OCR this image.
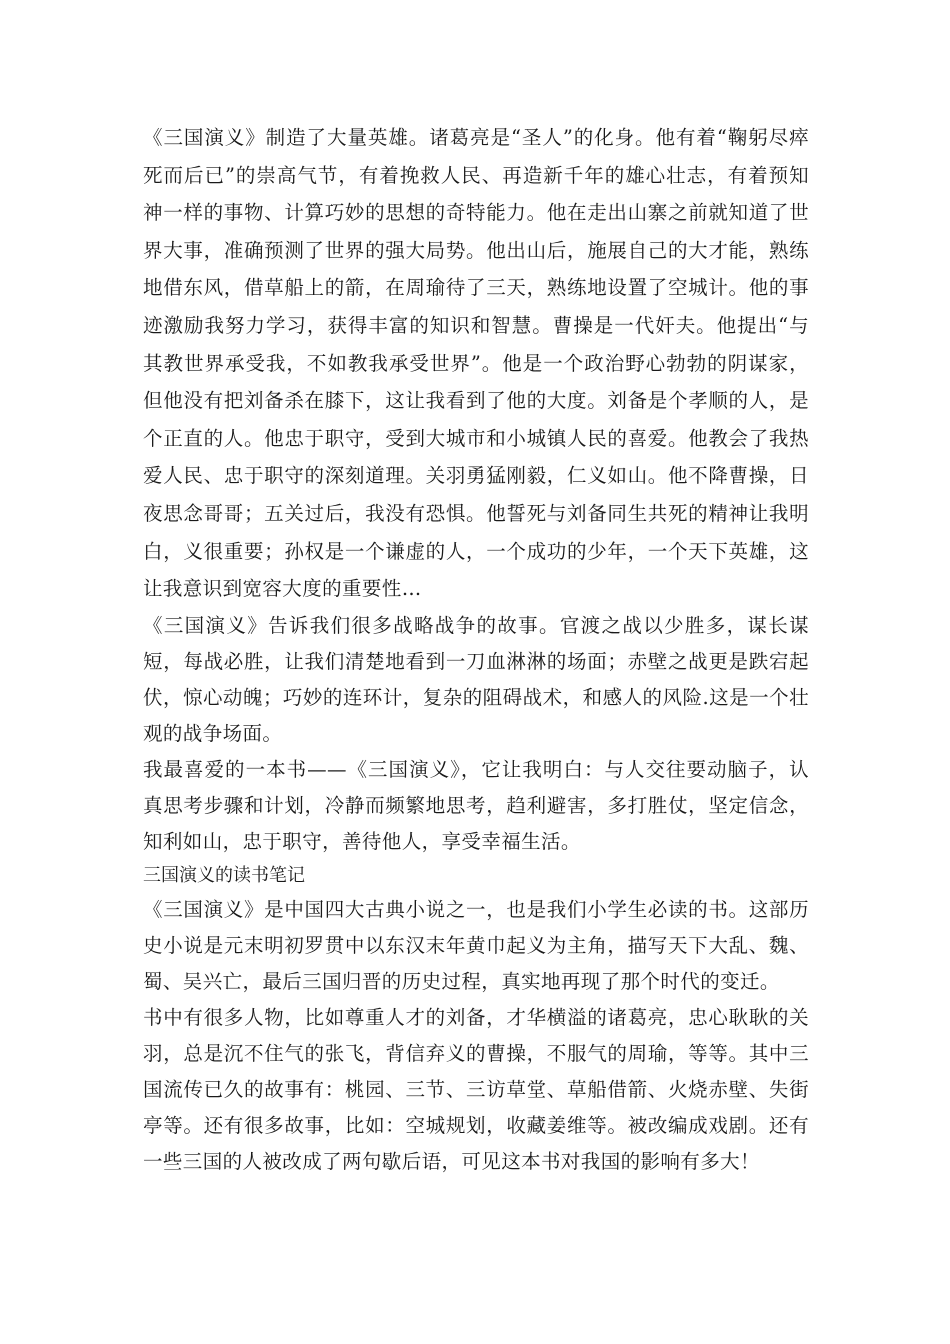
《三国演义》制造了大量英雄。诸葛亮是“圣人”的化身。他有着“鞠躬尽瘁死而后已”的崇高气节，有着挽救人民、再造新千年的雄心壮志，有着预知神一样的事物、计算巧妙的思想的奇特能力。他在走出山寨之前就知道了世界大事，准确预测了世界的强大局势。他出山后，施展自己的大才能，熟练地借东风，借草船上的箭，在周瑜待了三天，熟练地设置了空城计。他的事迹激励我努力学习，获得丰富的知识和智慧。曹操是一代奸夫。他提出“与其教世界承受我，不如教我承受世界”。他是一个政治野心勃勃的阴谋家，但他没有把刘备杀在膝下，这让我看到了他的大度。刘备是个孝顺的人，是个正直的人。他忠于职守，受到大城市和小城镇人民的喜爱。他教会了我热爱人民、忠于职守的深刻道理。关羽勇猛刚毅，仁义如山。他不降曹操，日夜思念哥哥；五关过后，我没有恐惧。他誓死与刘备同生共死的精神让我明白，义很重要；孙权是一个谦虚的人，一个成功的少年，一个天下英雄，这让我意识到宽容大度的重要性…

《三国演义》告诉我们很多战略战争的故事。官渡之战以少胜多，谋长谋短，每战必胜，让我们清楚地看到一刀血淋淋的场面；赤壁之战更是跌宕起伏，惊心动魄；巧妙的连环计，复杂的阻碍战术，和感人的风险.这是一个壮观的战争场面。

我最喜爱的一本书——《三国演义》，它让我明白：与人交往要动脑子，认真思考步骤和计划，冷静而频繁地思考，趋利避害，多打胜仗，坚定信念，知利如山，忠于职守，善待他人，享受幸福生活。

三国演义的读书笔记

《三国演义》是中国四大古典小说之一，也是我们小学生必读的书。这部历史小说是元末明初罗贯中以东汉末年黄巾起义为主角，描写天下大乱、魏、蜀、吴兴亡，最后三国归晋的历史过程，真实地再现了那个时代的变迁。

书中有很多人物，比如尊重人才的刘备，才华横溢的诸葛亮，忠心耿耿的关羽，总是沉不住气的张飞，背信弃义的曹操，不服气的周瑜，等等。其中三国流传已久的故事有：桃园、三节、三访草堂、草船借箭、火烧赤壁、失街亭等。还有很多故事，比如：空城规划，收藏姜维等。被改编成戏剧。还有一些三国的人被改成了两句歇后语，可见这本书对我国的影响有多大！
